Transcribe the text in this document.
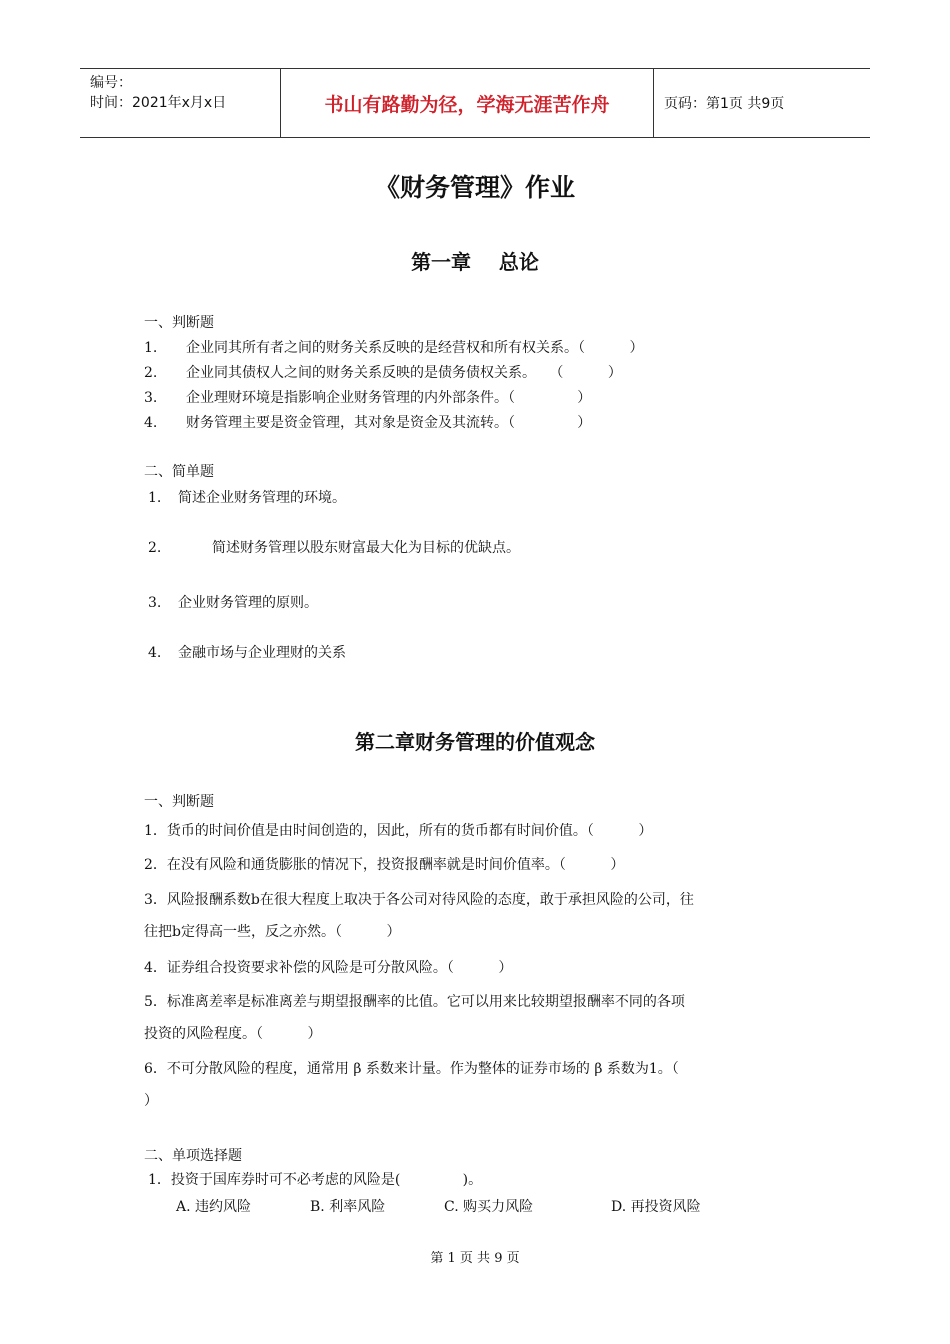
编号：
时间：2021年x月x日	书山有路勤为径，学海无涯苦作舟	页码：第1页 共9页
《财务管理》作业
第一章    总论
一、判断题
1. 企业同其所有者之间的财务关系反映的是经营权和所有权关系。（          ）
2. 企业同其债权人之间的财务关系反映的是债务债权关系。   （          ）
3. 企业理财环境是指影响企业财务管理的内外部条件。（              ）
4. 财务管理主要是资金管理，其对象是资金及其流转。（              ）
二、简单题
1. 简述企业财务管理的环境。
2.	简述财务管理以股东财富最大化为目标的优缺点。
3. 企业财务管理的原则。
4. 金融市场与企业理财的关系
第二章财务管理的价值观念
一、判断题
1．货币的时间价值是由时间创造的，因此，所有的货币都有时间价值。（          ）
2．在没有风险和通货膨胀的情况下，投资报酬率就是时间价值率。（          ）
3．风险报酬系数b在很大程度上取决于各公司对待风险的态度，敢于承担风险的公司，往
往把b定得高一些，反之亦然。（          ）
4．证券组合投资要求补偿的风险是可分散风险。（          ）
5．标准离差率是标准离差与期望报酬率的比值。它可以用来比较期望报酬率不同的各项
投资的风险程度。（          ）
6．不可分散风险的程度，通常用 β 系数来计量。作为整体的证券市场的 β 系数为1。（
）
二、单项选择题
1．投资于国库券时可不必考虑的风险是(              )。
A. 违约风险	B. 利率风险	C. 购买力风险	D. 再投资风险
第 1 页 共 9 页
